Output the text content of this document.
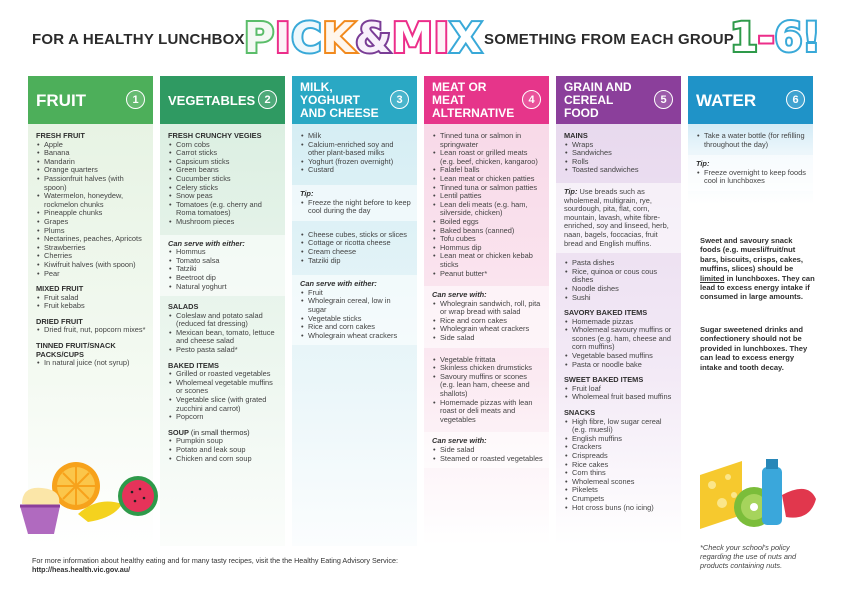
FOR A HEALTHY LUNCHBOX PICK&MIX SOMETHING FROM EACH GROUP
1-6!
FRUIT	1
FRESH FRUIT
• Apple
• Banana
• Mandarin
• Orange quarters
• Passionfruit halves (with spoon)
• Watermelon, honeydew, rockmelon chunks
• Pineapple chunks
• Grapes
• Plums
• Nectarines, peaches, Apricots
• Strawberries
• Cherries
• Kiwifruit halves (with spoon)
• Pear
MIXED FRUIT
• Fruit salad
• Fruit kebabs
DRIED FRUIT
• Dried fruit, nut, popcorn mixes*
TINNED FRUIT/SNACK PACKS/CUPS
• In natural juice (not syrup)
VEGETABLES 2
FRESH CRUNCHY VEGIES
• Corn cobs
• Carrot sticks
• Capsicum sticks
• Green beans
• Cucumber sticks
• Celery sticks
• Snow peas
• Tomatoes (e.g. cherry and Roma tomatoes)
• Mushroom pieces
Can serve with either:
• Hommus
• Tomato salsa
• Tatziki
• Beetroot dip
• Natural yoghurt
SALADS
• Coleslaw and potato salad (reduced fat dressing)
• Mexican bean, tomato, lettuce and cheese salad
• Pesto pasta salad*
BAKED ITEMS
• Grilled or roasted vegetables
• Wholemeal vegetable muffins or scones
• Vegetable slice (with grated zucchini and carrot)
• Popcorn
SOUP (in small thermos)
• Pumpkin soup
• Potato and leak soup
• Chicken and corn soup
MILK, YOGHURT AND CHEESE
3
• Milk
• Calcium-enriched soy and other plant-based milks
• Yoghurt (frozen overnight)
• Custard
Tip:
• Freeze the night before to keep cool during the day
• Cheese cubes, sticks or slices
• Cottage or ricotta cheese
• Cream cheese
• Tatziki dip
Can serve with either:
• Fruit
• Wholegrain cereal, low in sugar
• Vegetable sticks
• Rice and corn cakes
• Wholegrain wheat crackers
MEAT OR MEAT ALTERNATIVE
4
• Tinned tuna or salmon in springwater
• Lean roast or grilled meats (e.g. beef, chicken, kangaroo)
• Falafel balls
• Lean meat or chicken patties
• Tinned tuna or salmon patties
• Lentil patties
• Lean deli meats (e.g. ham, silverside, chicken)
• Boiled eggs
• Baked beans (canned)
• Tofu cubes
• Hommus dip
• Lean meat or chicken kebab sticks
• Peanut butter*
Can serve with:
• Wholegrain sandwich, roll, pita or wrap bread with salad
• Rice and corn cakes
• Wholegrain wheat crackers
• Side salad
• Vegetable frittata
• Skinless chicken drumsticks
• Savoury muffins or scones (e.g. lean ham, cheese and shallots)
• Homemade pizzas with lean roast or deli meats and vegetables
Can serve with:
• Side salad
• Steamed or roasted vegetables
GRAIN AND CEREAL FOOD
5
MAINS
• Wraps
• Sandwiches
• Rolls
• Toasted sandwiches
Tip: Use breads such as wholemeal, multigrain, rye, sourdough, pita, flat, corn, mountain, lavash, white fibre-enriched, soy and linseed, herb, naan, bagels, foccacias, fruit bread and English muffins.
• Pasta dishes
• Rice, quinoa or cous cous dishes
• Noodle dishes
• Sushi
SAVORY BAKED ITEMS
• Homemade pizzas
• Wholemeal savoury muffins or scones (e.g. ham, cheese and corn muffins)
• Vegetable based muffins
• Pasta or noodle bake
SWEET BAKED ITEMS
• Fruit loaf
• Wholemeal fruit based muffins
SNACKS
• High fibre, low sugar cereal (e.g. muesli)
• English muffins
• Crackers
• Crispreads
• Rice cakes
• Corn thins
• Wholemeal scones
• Pikelets
• Crumpets
• Hot cross buns (no icing)
WATER	6
• Take a water bottle (for refilling throughout the day)
Tip:
• Freeze overnight to keep foods cool in lunchboxes
Sweet and savoury snack foods (e.g. muesli/fruit/nut bars, biscuits, crisps, cakes, muffins, slices) should be limited in lunchboxes. They can lead to excess energy intake if consumed in large amounts.
Sugar sweetened drinks and confectionery should not be provided in lunchboxes. They can lead to excess energy intake and tooth decay.
*Check your school's policy regarding the use of nuts and products containing nuts.
For more information about healthy eating and for many tasty recipes, visit the the Healthy Eating Advisory Service:
http://heas.health.vic.gov.au/
